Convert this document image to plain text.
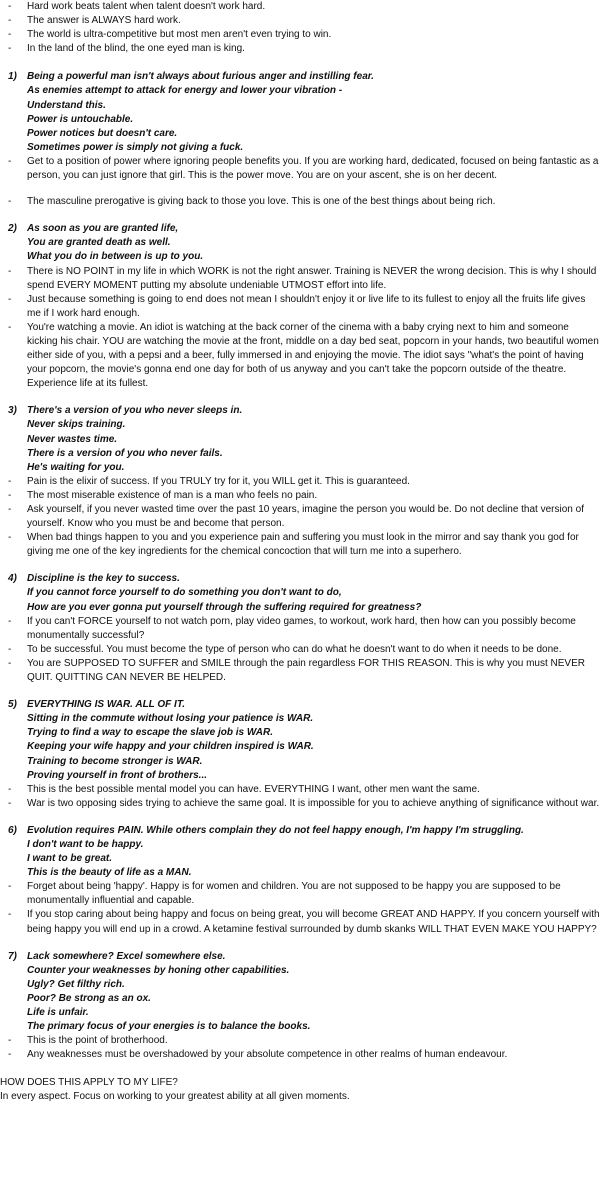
- Hard work beats talent when talent doesn't work hard.
- The answer is ALWAYS hard work.
- The world is ultra-competitive but most men aren't even trying to win.
- In the land of the blind, the one eyed man is king.
1) Being a powerful man isn't always about furious anger and instilling fear.
As enemies attempt to attack for energy and lower your vibration -
Understand this.
Power is untouchable.
Power notices but doesn't care.
Sometimes power is simply not giving a fuck.
- Get to a position of power where ignoring people benefits you. If you are working hard, dedicated, focused on being fantastic as a person, you can just ignore that girl. This is the power move. You are on your ascent, she is on her decent.
- The masculine prerogative is giving back to those you love. This is one of the best things about being rich.
2) As soon as you are granted life,
You are granted death as well.
What you do in between is up to you.
- There is NO POINT in my life in which WORK is not the right answer. Training is NEVER the wrong decision. This is why I should spend EVERY MOMENT putting my absolute undeniable UTMOST effort into life.
- Just because something is going to end does not mean I shouldn't enjoy it or live life to its fullest to enjoy all the fruits life gives me if I work hard enough.
- You're watching a movie. An idiot is watching at the back corner of the cinema with a baby crying next to him and someone kicking his chair. YOU are watching the movie at the front, middle on a day bed seat, popcorn in your hands, two beautiful women either side of you, with a pepsi and a beer, fully immersed in and enjoying the movie. The idiot says "what's the point of having your popcorn, the movie's gonna end one day for both of us anyway and you can't take the popcorn outside of the theatre. Experience life at its fullest.
3) There's a version of you who never sleeps in.
Never skips training.
Never wastes time.
There is a version of you who never fails.
He's waiting for you.
- Pain is the elixir of success. If you TRULY try for it, you WILL get it. This is guaranteed.
- The most miserable existence of man is a man who feels no pain.
- Ask yourself, if you never wasted time over the past 10 years, imagine the person you would be. Do not decline that version of yourself. Know who you must be and become that person.
- When bad things happen to you and you experience pain and suffering you must look in the mirror and say thank you god for giving me one of the key ingredients for the chemical concoction that will turn me into a superhero.
4) Discipline is the key to success.
If you cannot force yourself to do something you don't want to do,
How are you ever gonna put yourself through the suffering required for greatness?
- If you can't FORCE yourself to not watch porn, play video games, to workout, work hard, then how can you possibly become monumentally successful?
- To be successful. You must become the type of person who can do what he doesn't want to do when it needs to be done.
- You are SUPPOSED TO SUFFER and SMILE through the pain regardless FOR THIS REASON. This is why you must NEVER QUIT. QUITTING CAN NEVER BE HELPED.
5) EVERYTHING IS WAR. ALL OF IT.
Sitting in the commute without losing your patience is WAR.
Trying to find a way to escape the slave job is WAR.
Keeping your wife happy and your children inspired is WAR.
Training to become stronger is WAR.
Proving yourself in front of brothers...
- This is the best possible mental model you can have. EVERYTHING I want, other men want the same.
- War is two opposing sides trying to achieve the same goal. It is impossible for you to achieve anything of significance without war.
6) Evolution requires PAIN. While others complain they do not feel happy enough, I'm happy I'm struggling.
I don't want to be happy.
I want to be great.
This is the beauty of life as a MAN.
- Forget about being 'happy'. Happy is for women and children. You are not supposed to be happy you are supposed to be monumentally influential and capable.
- If you stop caring about being happy and focus on being great, you will become GREAT AND HAPPY. If you concern yourself with being happy you will end up in a crowd. A ketamine festival surrounded by dumb skanks WILL THAT EVEN MAKE YOU HAPPY?
7) Lack somewhere? Excel somewhere else.
Counter your weaknesses by honing other capabilities.
Ugly? Get filthy rich.
Poor? Be strong as an ox.
Life is unfair.
The primary focus of your energies is to balance the books.
- This is the point of brotherhood.
- Any weaknesses must be overshadowed by your absolute competence in other realms of human endeavour.
HOW DOES THIS APPLY TO MY LIFE?
In every aspect. Focus on working to your greatest ability at all given moments.
